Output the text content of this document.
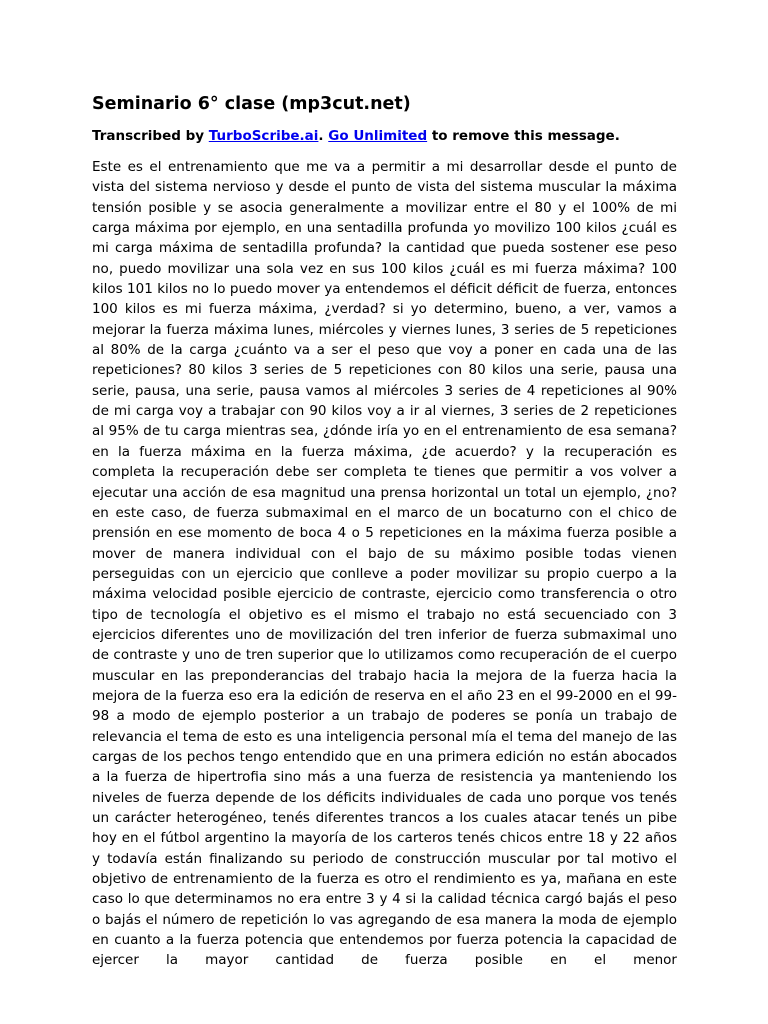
Seminario 6° clase (mp3cut.net)

Transcribed by TurboScribe.ai. Go Unlimited to remove this message.

Este es el entrenamiento que me va a permitir a mi desarrollar desde el punto de vista del sistema nervioso y desde el punto de vista del sistema muscular la máxima tensión posible y se asocia generalmente a movilizar entre el 80 y el 100% de mi carga máxima por ejemplo, en una sentadilla profunda yo movilizo 100 kilos ¿cuál es mi carga máxima de sentadilla profunda? la cantidad que pueda sostener ese peso no, puedo movilizar una sola vez en sus 100 kilos ¿cuál es mi fuerza máxima? 100 kilos 101 kilos no lo puedo mover ya entendemos el déficit déficit de fuerza, entonces 100 kilos es mi fuerza máxima, ¿verdad? si yo determino, bueno, a ver, vamos a mejorar la fuerza máxima lunes, miércoles y viernes lunes, 3 series de 5 repeticiones al 80% de la carga ¿cuánto va a ser el peso que voy a poner en cada una de las repeticiones? 80 kilos 3 series de 5 repeticiones con 80 kilos una serie, pausa una serie, pausa, una serie, pausa vamos al miércoles 3 series de 4 repeticiones al 90% de mi carga voy a trabajar con 90 kilos voy a ir al viernes, 3 series de 2 repeticiones al 95% de tu carga mientras sea, ¿dónde iría yo en el entrenamiento de esa semana? en la fuerza máxima en la fuerza máxima, ¿de acuerdo? y la recuperación es completa la recuperación debe ser completa te tienes que permitir a vos volver a ejecutar una acción de esa magnitud una prensa horizontal un total un ejemplo, ¿no? en este caso, de fuerza submaximal en el marco de un bocaturno con el chico de prensión en ese momento de boca 4 o 5 repeticiones en la máxima fuerza posible a mover de manera individual con el bajo de su máximo posible todas vienen perseguidas con un ejercicio que conlleve a poder movilizar su propio cuerpo a la máxima velocidad posible ejercicio de contraste, ejercicio como transferencia o otro tipo de tecnología el objetivo es el mismo el trabajo no está secuenciado con 3 ejercicios diferentes uno de movilización del tren inferior de fuerza submaximal uno de contraste y uno de tren superior que lo utilizamos como recuperación de el cuerpo muscular en las preponderancias del trabajo hacia la mejora de la fuerza hacia la mejora de la fuerza eso era la edición de reserva en el año 23 en el 99-2000 en el 99-98 a modo de ejemplo posterior a un trabajo de poderes se ponía un trabajo de relevancia el tema de esto es una inteligencia personal mía el tema del manejo de las cargas de los pechos tengo entendido que en una primera edición no están abocados a la fuerza de hipertrofia sino más a una fuerza de resistencia ya manteniendo los niveles de fuerza depende de los déficits individuales de cada uno porque vos tenés un carácter heterogéneo, tenés diferentes trancos a los cuales atacar tenés un pibe hoy en el fútbol argentino la mayoría de los carteros tenés chicos entre 18 y 22 años y todavía están finalizando su periodo de construcción muscular por tal motivo el objetivo de entrenamiento de la fuerza es otro el rendimiento es ya, mañana en este caso lo que determinamos no era entre 3 y 4 si la calidad técnica cargó bajás el peso o bajás el número de repetición lo vas agregando de esa manera la moda de ejemplo en cuanto a la fuerza potencia que entendemos por fuerza potencia la capacidad de ejercer la mayor cantidad de fuerza posible en el menor
